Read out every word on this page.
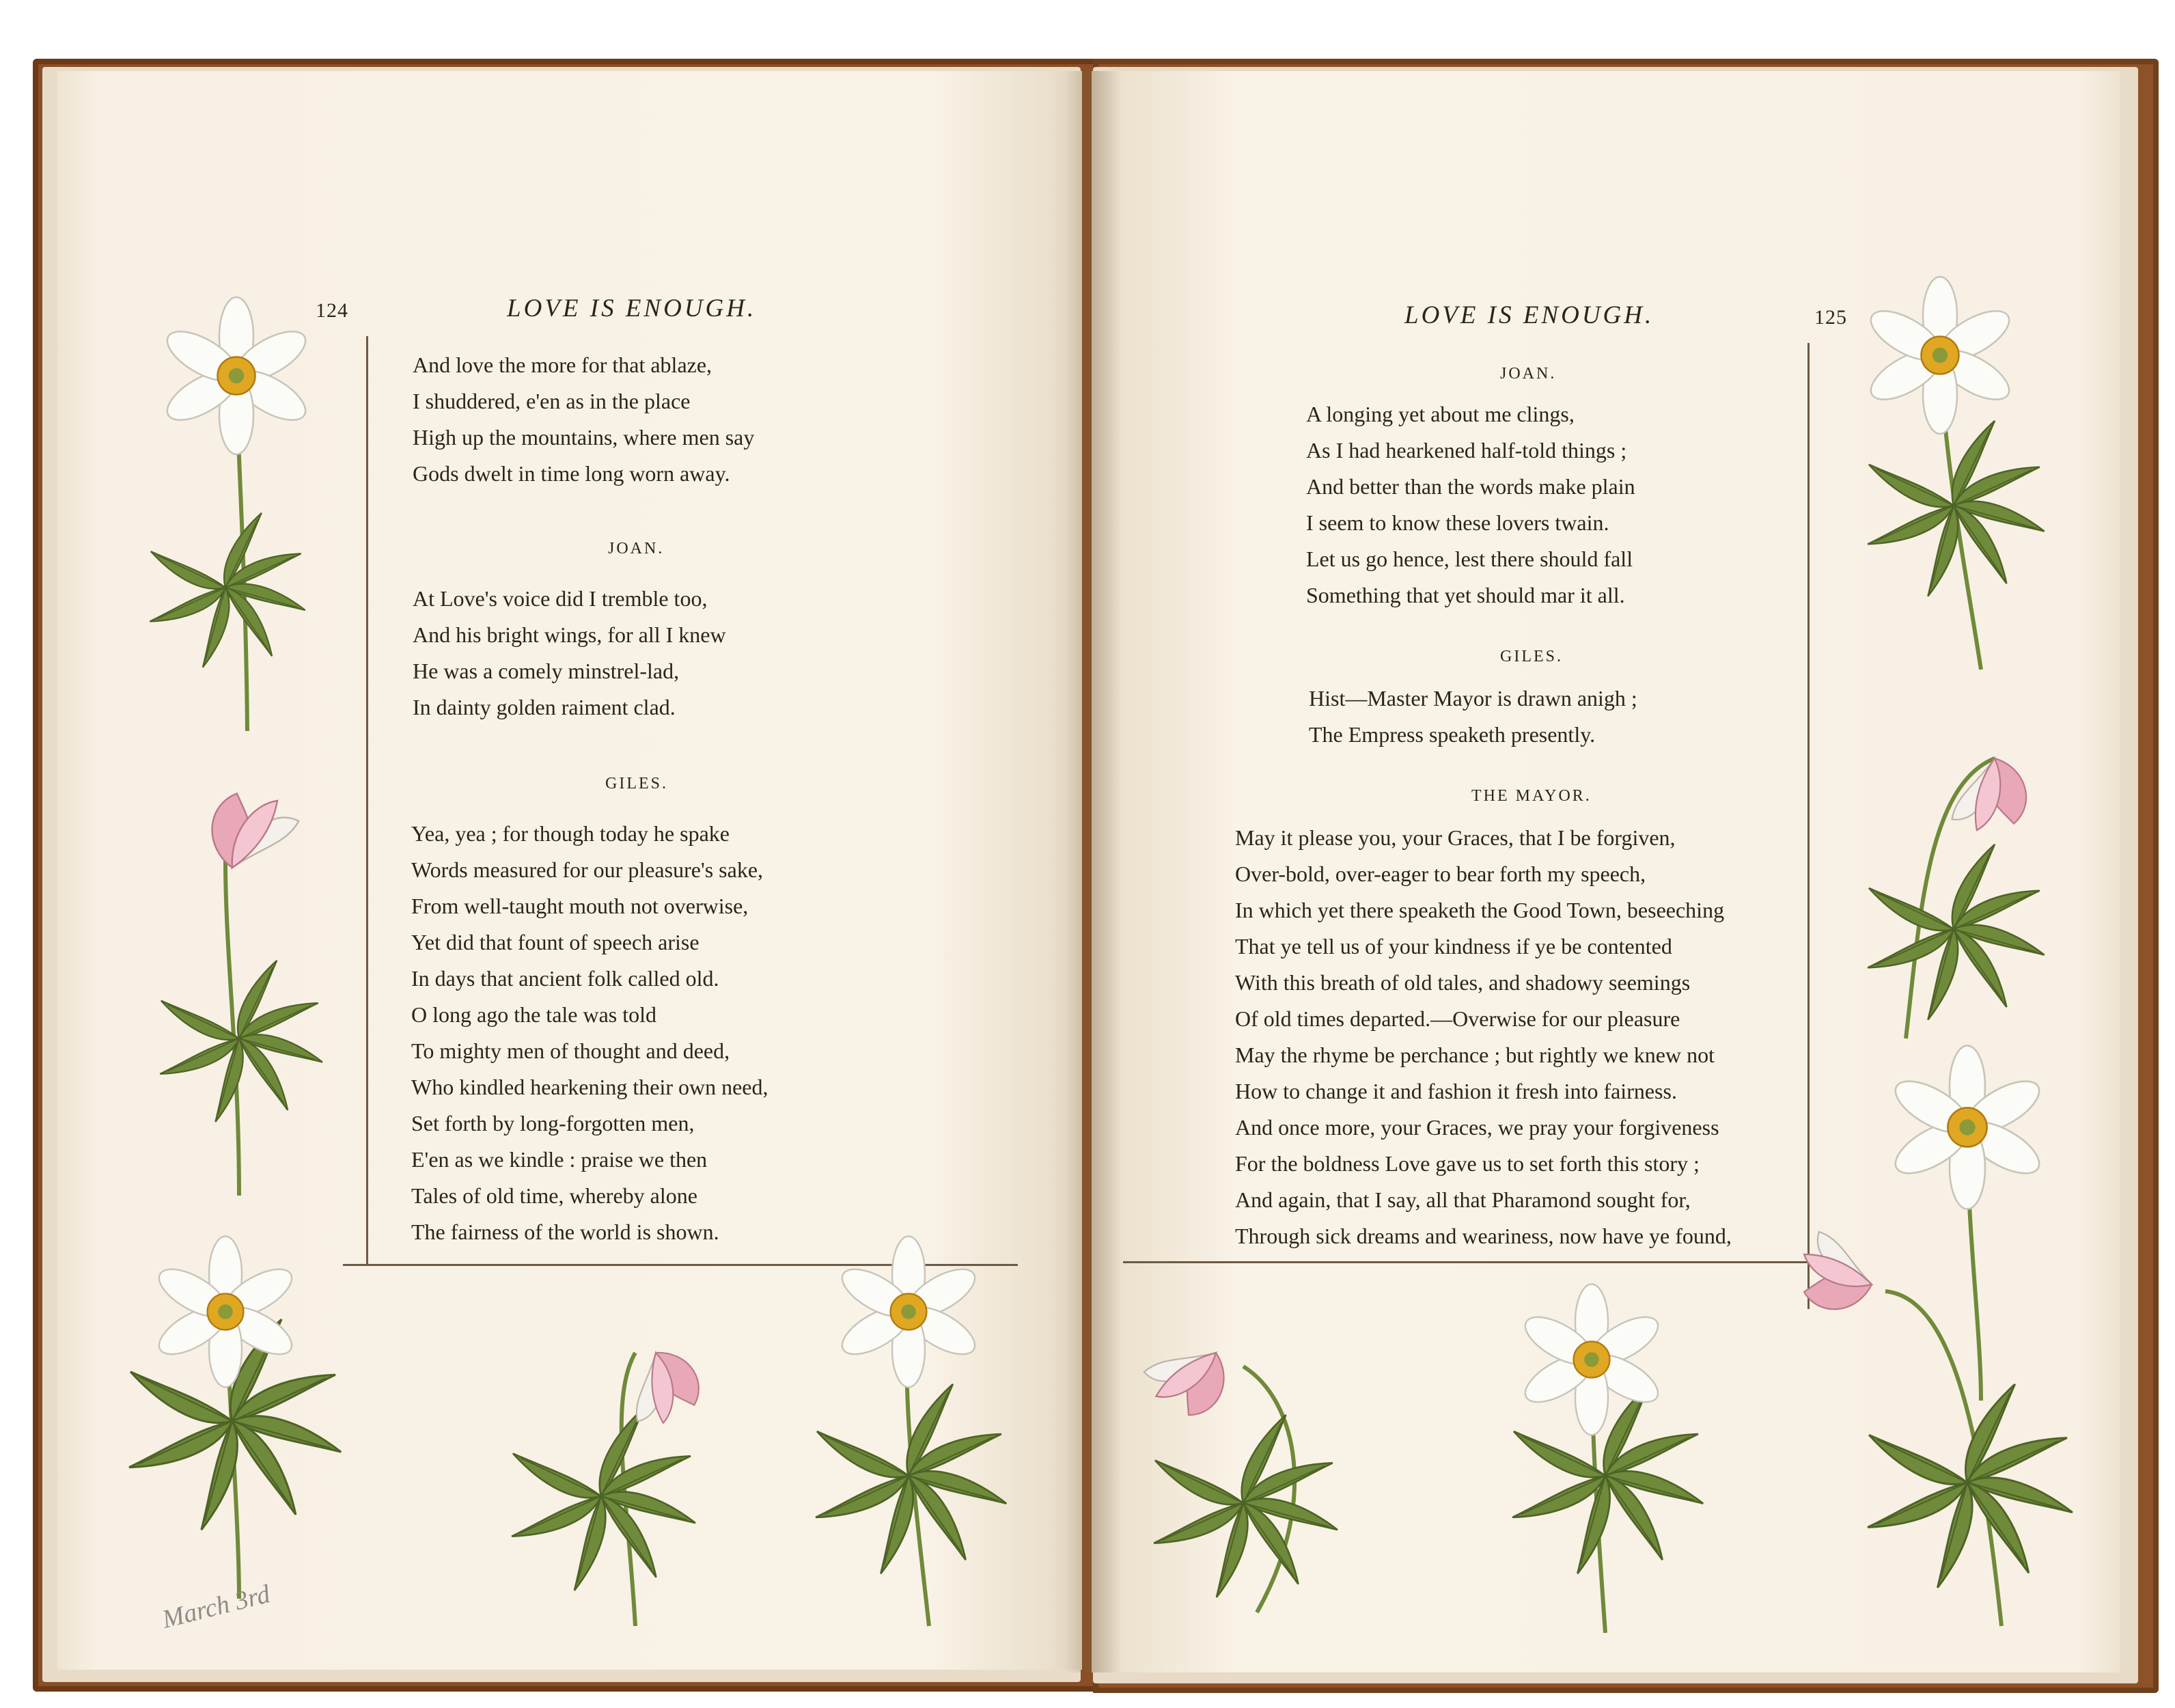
124	LOVE IS ENOUGH.	LOVE IS ENOUGH.	125
And love the more for that ablaze,
I shuddered, e'en as in the place
High up the mountains, where men say
Gods dwelt in time long worn away.
JOAN.
At Love's voice did I tremble too,
And his bright wings, for all I knew
He was a comely minstrel-lad,
In dainty golden raiment clad.
GILES.
Yea, yea ; for though today he spake
Words measured for our pleasure's sake,
From well-taught mouth not overwise,
Yet did that fount of speech arise
In days that ancient folk called old.
O long ago the tale was told
To mighty men of thought and deed,
Who kindled hearkening their own need,
Set forth by long-forgotten men,
E'en as we kindle : praise we then
Tales of old time, whereby alone
The fairness of the world is shown.
JOAN.
A longing yet about me clings,
As I had hearkened half-told things ;
And better than the words make plain
I seem to know these lovers twain.
Let us go hence, lest there should fall
Something that yet should mar it all.
GILES.
Hist—Master Mayor is drawn anigh ;
The Empress speaketh presently.
THE MAYOR.
May it please you, your Graces, that I be forgiven,
Over-bold, over-eager to bear forth my speech,
In which yet there speaketh the Good Town, beseeching
That ye tell us of your kindness if ye be contented
With this breath of old tales, and shadowy seemings
Of old times departed.—Overwise for our pleasure
May the rhyme be perchance ; but rightly we knew not
How to change it and fashion it fresh into fairness.
And once more, your Graces, we pray your forgiveness
For the boldness Love gave us to set forth this story ;
And again, that I say, all that Pharamond sought for,
Through sick dreams and weariness, now have ye found,
March 3rd
